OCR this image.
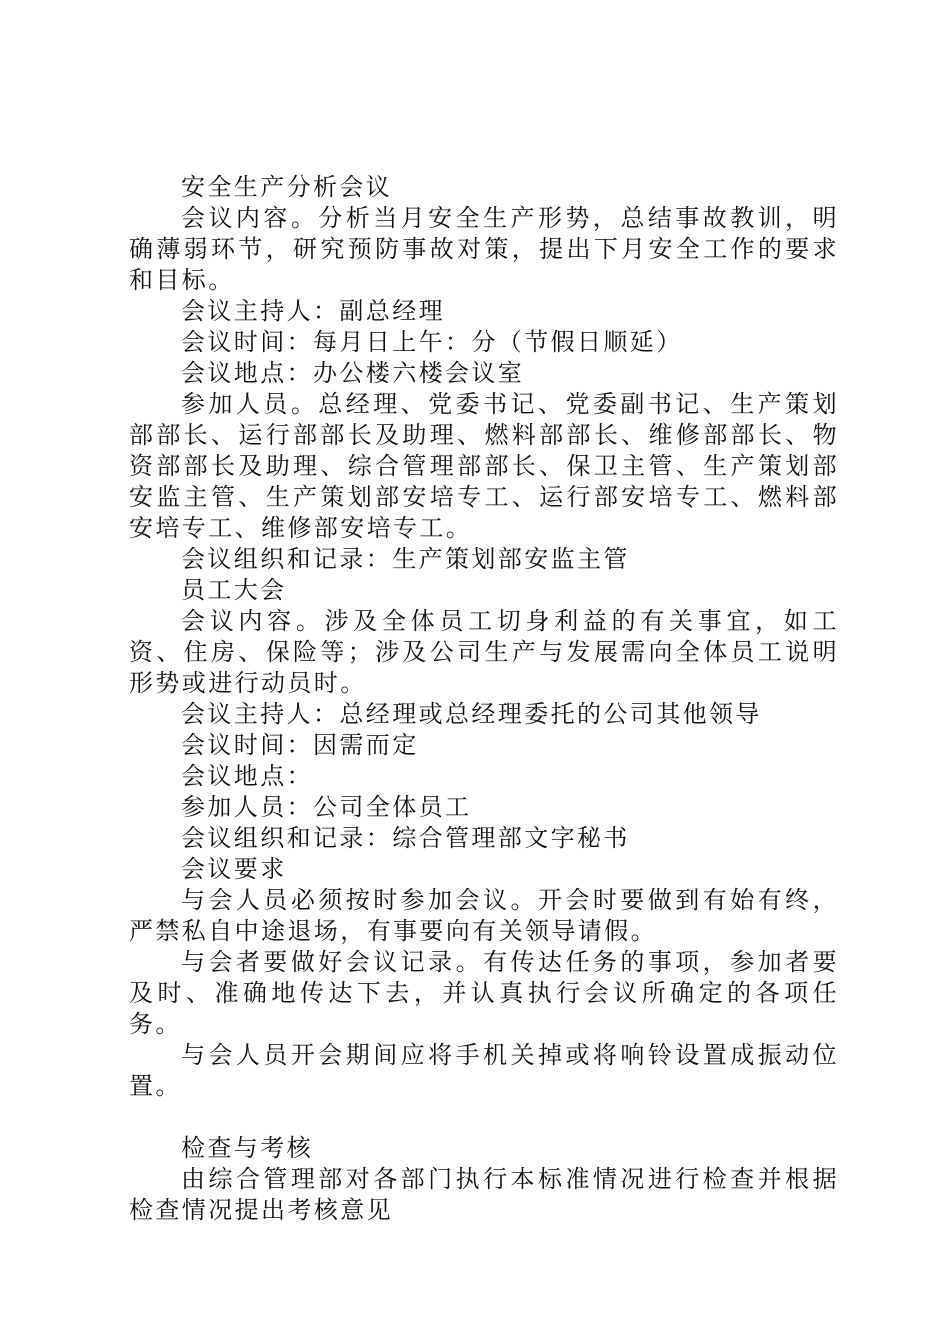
安全生产分析会议

会议内容。分析当月安全生产形势，总结事故教训，明确薄弱环节，研究预防事故对策，提出下月安全工作的要求和目标。

会议主持人：副总经理

会议时间：每月日上午：分（节假日顺延）

会议地点：办公楼六楼会议室

参加人员。总经理、党委书记、党委副书记、生产策划部部长、运行部部长及助理、燃料部部长、维修部部长、物资部部长及助理、综合管理部部长、保卫主管、生产策划部安监主管、生产策划部安培专工、运行部安培专工、燃料部安培专工、维修部安培专工。

会议组织和记录：生产策划部安监主管

员工大会

会议内容。涉及全体员工切身利益的有关事宜，如工资、住房、保险等；涉及公司生产与发展需向全体员工说明形势或进行动员时。

会议主持人：总经理或总经理委托的公司其他领导

会议时间：因需而定

会议地点：

参加人员：公司全体员工

会议组织和记录：综合管理部文字秘书

会议要求

与会人员必须按时参加会议。开会时要做到有始有终，严禁私自中途退场，有事要向有关领导请假。

与会者要做好会议记录。有传达任务的事项，参加者要及时、准确地传达下去，并认真执行会议所确定的各项任务。

与会人员开会期间应将手机关掉或将响铃设置成振动位置。

检查与考核

由综合管理部对各部门执行本标准情况进行检查并根据检查情况提出考核意见
